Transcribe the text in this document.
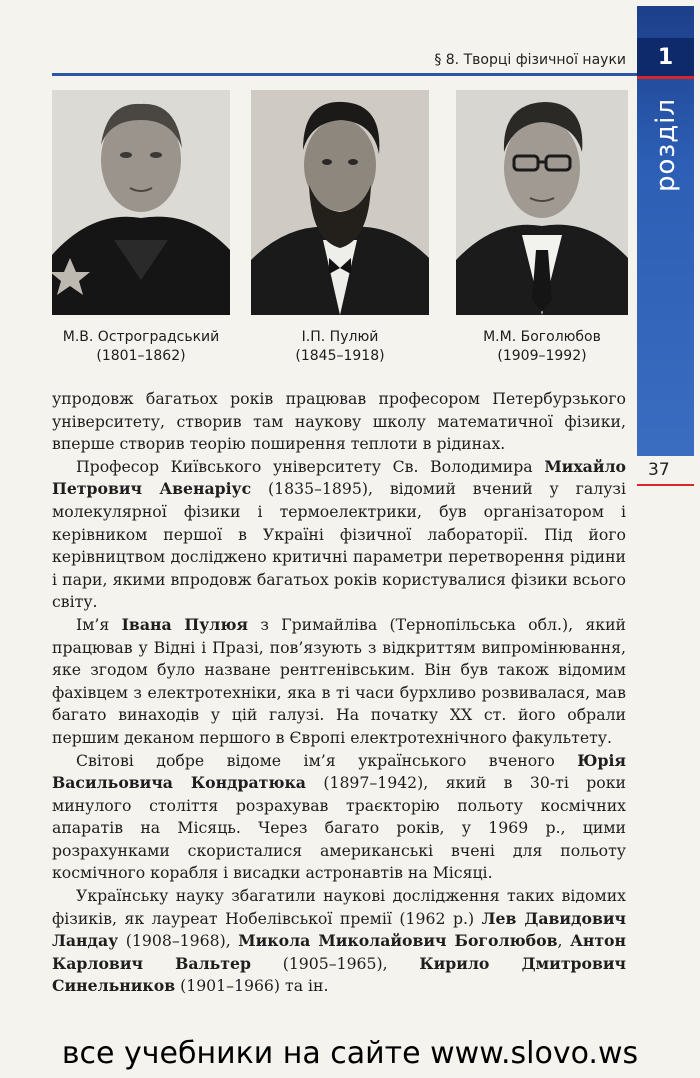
§ 8. Творці фізичної науки 1
розділ
37
М.В. Остроградський
(1801–1862)
І.П. Пулюй
(1845–1918)
М.М. Боголюбов
(1909–1992)

упродовж багатьох років працював професором Петербурзького університету, створив там наукову школу математичної фізики, вперше створив теорію поширення теплоти в рідинах.

Професор Київського університету Св. Володимира Михайло Петрович Авенаріус (1835–1895), відомий вчений у галузі молекулярної фізики і термоелектрики, був організатором і керівником першої в Україні фізичної лабораторії. Під його керівництвом досліджено критичні параметри перетворення рідини і пари, якими впродовж багатьох років користувалися фізики всього світу.

Ім’я Івана Пулюя з Гримайліва (Тернопільська обл.), який працював у Відні і Празі, пов’язують з відкриттям випромінювання, яке згодом було назване рентгенівським. Він був також відомим фахівцем з електротехніки, яка в ті часи бурхливо розвивалася, мав багато винаходів у цій галузі. На початку XX ст. його обрали першим деканом першого в Європі електротехнічного факультету.

Світові добре відоме ім’я українського вченого Юрія Васильовича Кондратюка (1897–1942), який в 30-ті роки минулого століття розрахував траєкторію польоту космічних апаратів на Місяць. Через багато років, у 1969 р., цими розрахунками скористалися американські вчені для польоту космічного корабля і висадки астронавтів на Місяці.

Українську науку збагатили наукові дослідження таких відомих фізиків, як лауреат Нобелівської премії (1962 р.) Лев Давидович Ландау (1908–1968), Микола Миколайович Боголюбов, Антон Карлович Вальтер (1905–1965), Кирило Дмитрович Синельников (1901–1966) та ін.

все учебники на сайте www.slovo.ws
